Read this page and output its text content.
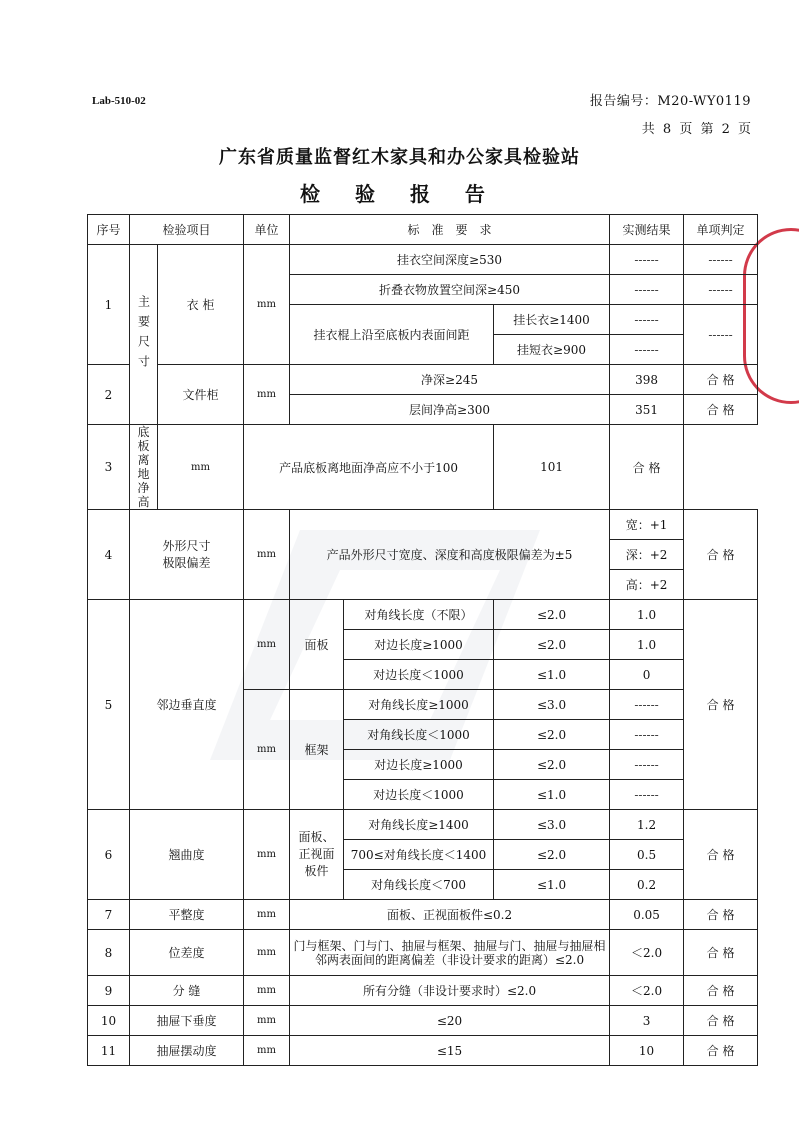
Lab-510-02	报告编号：M20-WY0119
共 8 页 第 2 页
广东省质量监督红木家具和办公家具检验站
检 验 报 告
序号	检验项目		单位	标　准　要　求			实测结果	单项判定
1	主要尺寸	衣 柜	mm	挂衣空间深度≥530			------	------
				折叠衣物放置空间深≥450			------	------
				挂衣棍上沿至底板内表面间距		挂长衣≥1400	------	------
						挂短衣≥900	------	
2		文件柜	mm	净深≥245			398	合 格
				层间净高≥300			351	合 格
3	底板离地净高	mm	产品底板离地面净高应不小于100			101	合 格	
4	外形尺寸极限偏差		mm	产品外形尺寸宽度、深度和高度极限偏差为±5			宽：+1	合 格
							深：+2	
							高：+2	
5	邻边垂直度		mm	面板	对角线长度（不限）	≤2.0	1.0	合 格
					对边长度≥1000	≤2.0	1.0	
					对边长度＜1000	≤1.0	0	
			mm	框架	对角线长度≥1000	≤3.0	------	
					对角线长度＜1000	≤2.0	------	
					对边长度≥1000	≤2.0	------	
					对边长度＜1000	≤1.0	------	
6	翘曲度		mm	面板、正视面板件	对角线长度≥1400	≤3.0	1.2	合 格
					700≤对角线长度＜1400	≤2.0	0.5	
					对角线长度＜700	≤1.0	0.2	
7	平整度		mm	面板、正视面板件≤0.2			0.05	合 格
8	位差度		mm	门与框架、门与门、抽屉与框架、抽屉与门、抽屉与抽屉相邻两表面间的距离偏差（非设计要求的距离）≤2.0			＜2.0	合 格
9	分 缝		mm	所有分缝（非设计要求时）≤2.0			＜2.0	合 格
10	抽屉下垂度		mm	≤20			3	合 格
11	抽屉摆动度		mm	≤15			10	合 格
